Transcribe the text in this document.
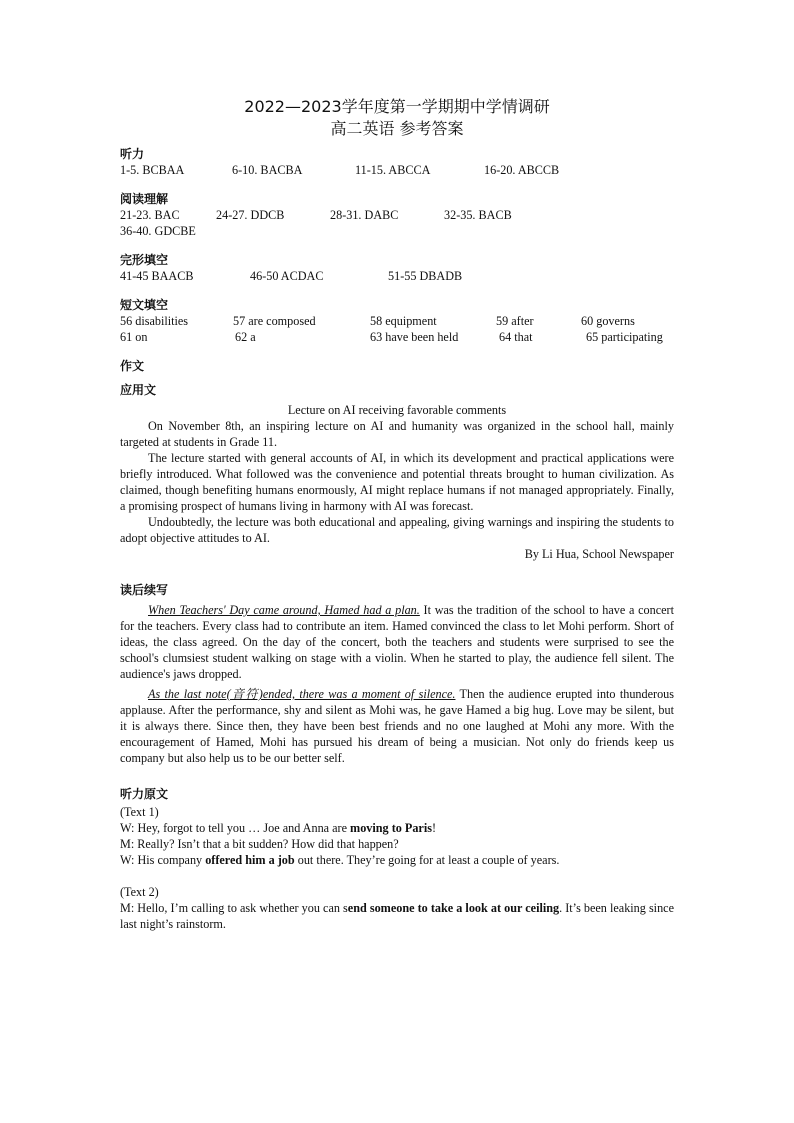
2022—2023学年度第一学期期中学情调研

高二英语 参考答案

听力

1-5. BCBAA	6-10. BACBA	11-15. ABCCA	16-20. ABCCB

阅读理解

21-23. BAC	24-27. DDCB	28-31. DABC	32-35. BACB
36-40. GDCBE

完形填空

41-45 BAACB	46-50 ACDAC	51-55 DBADB

短文填空

56 disabilities	57 are composed	58 equipment	59 after	60 governs
61 on	62 a	63 have been held	64 that	65 participating

作文

应用文

Lecture on AI receiving favorable comments

On November 8th, an inspiring lecture on AI and humanity was organized in the school hall, mainly targeted at students in Grade 11.

The lecture started with general accounts of AI, in which its development and practical applications were briefly introduced. What followed was the convenience and potential threats brought to human civilization. As claimed, though benefiting humans enormously, AI might replace humans if not managed appropriately. Finally, a promising prospect of humans living in harmony with AI was forecast.

Undoubtedly, the lecture was both educational and appealing, giving warnings and inspiring the students to adopt objective attitudes to AI.

By Li Hua, School Newspaper

读后续写

When Teachers' Day came around, Hamed had a plan. It was the tradition of the school to have a concert for the teachers. Every class had to contribute an item. Hamed convinced the class to let Mohi perform. Short of ideas, the class agreed. On the day of the concert, both the teachers and students were surprised to see the school's clumsiest student walking on stage with a violin. When he started to play, the audience fell silent. The audience's jaws dropped.

As the last note(音符)ended, there was a moment of silence. Then the audience erupted into thunderous applause. After the performance, shy and silent as Mohi was, he gave Hamed a big hug. Love may be silent, but it is always there. Since then, they have been best friends and no one laughed at Mohi any more. With the encouragement of Hamed, Mohi has pursued his dream of being a musician. Not only do friends keep us company but also help us to be our better self.

听力原文

(Text 1)

W: Hey, forgot to tell you … Joe and Anna are moving to Paris!

M: Really? Isn’t that a bit sudden? How did that happen?

W: His company offered him a job out there. They’re going for at least a couple of years.

(Text 2)

M: Hello, I’m calling to ask whether you can send someone to take a look at our ceiling. It’s been leaking since last night’s rainstorm.
